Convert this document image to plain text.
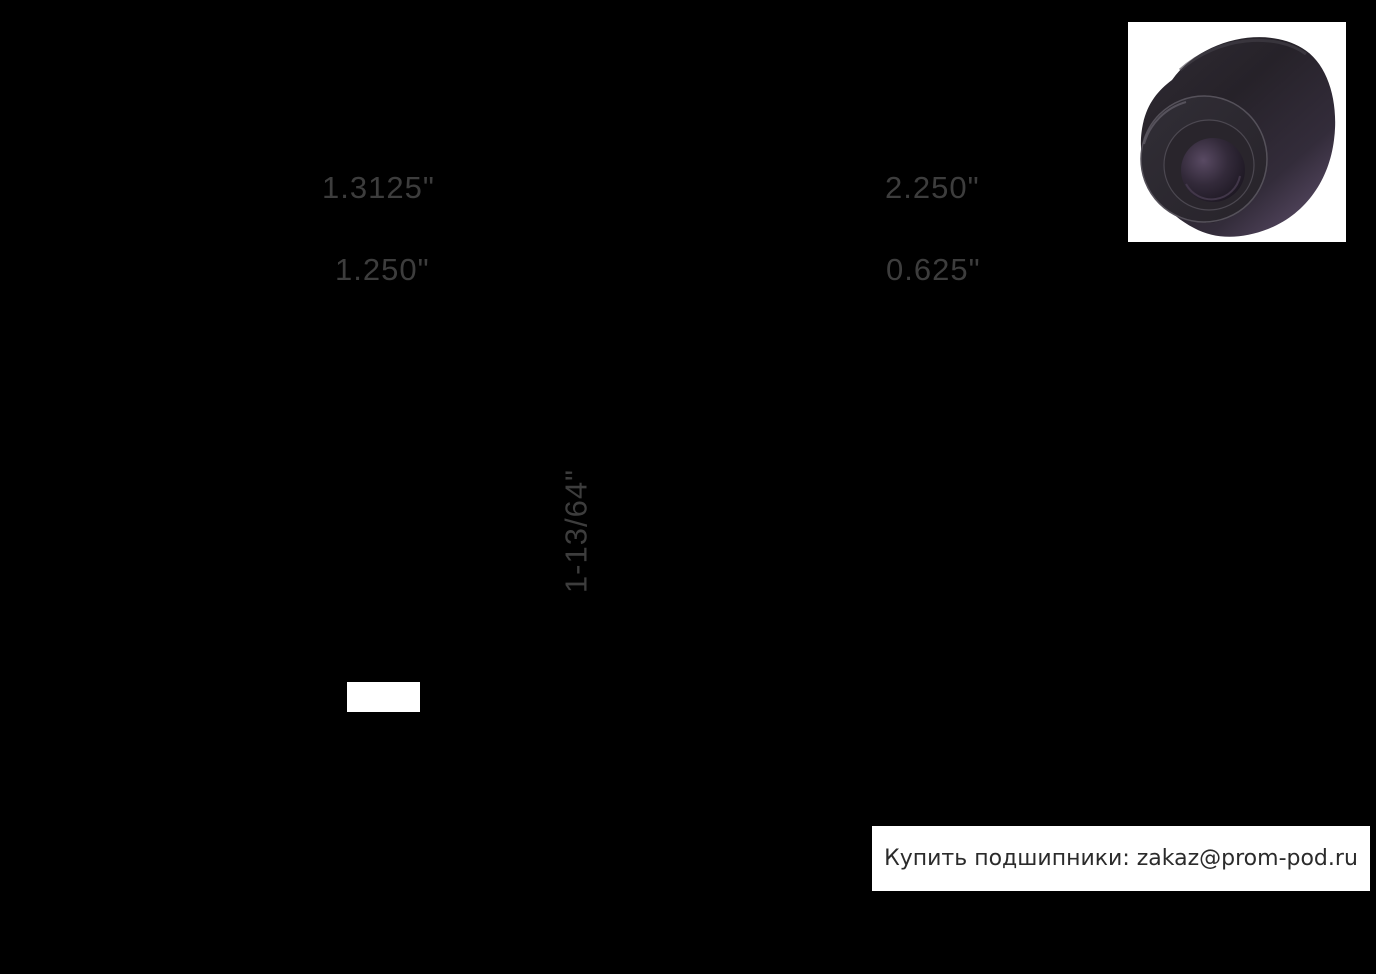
1.3125"
1.250"
2.250"
0.625"
1-13/64"
Купить подшипники: zakaz@prom-pod.ru
